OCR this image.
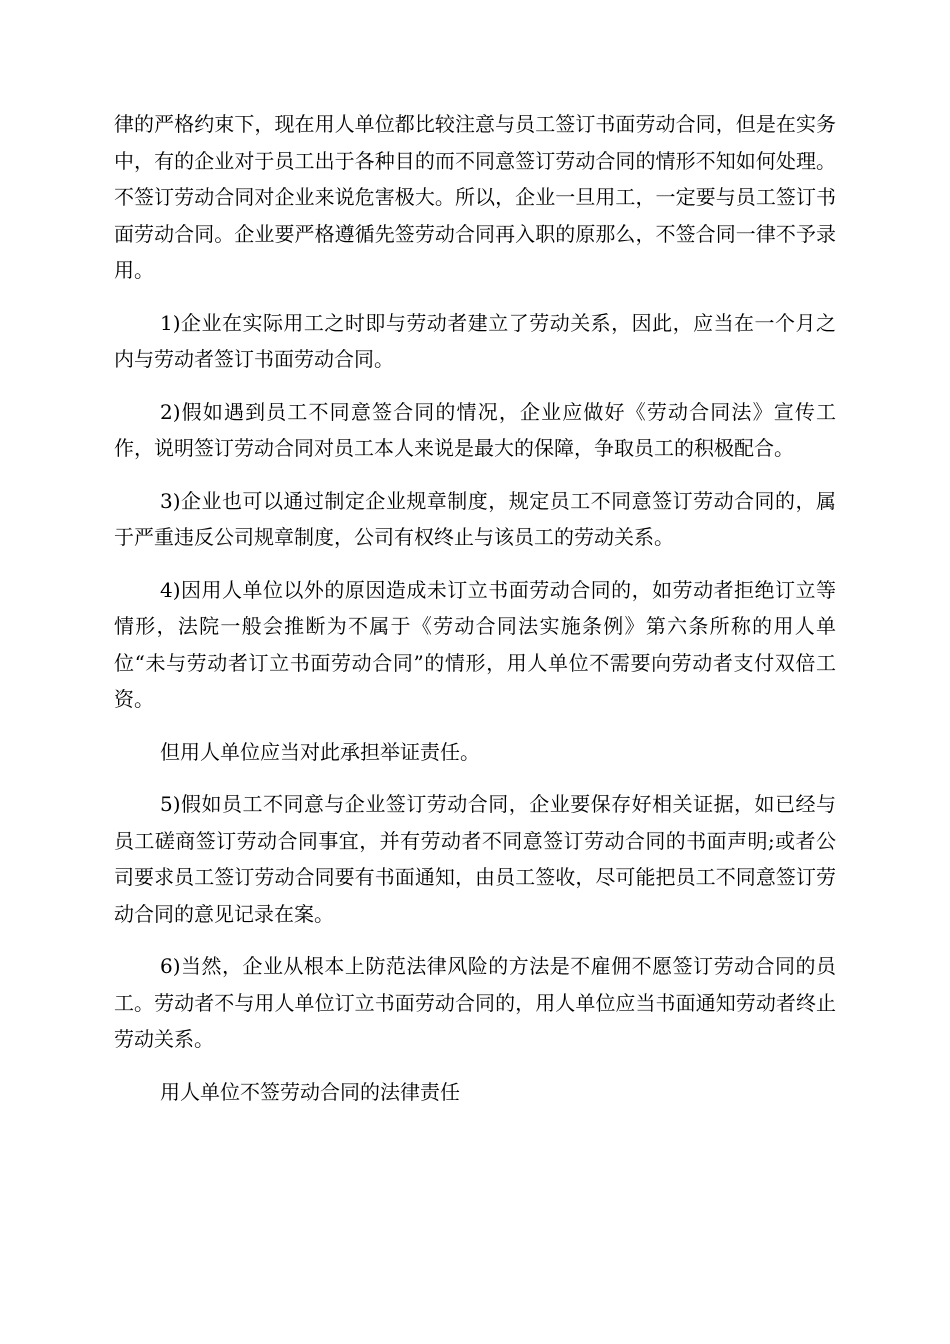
律的严格约束下，现在用人单位都比较注意与员工签订书面劳动合同，但是在实务中，有的企业对于员工出于各种目的而不同意签订劳动合同的情形不知如何处理。不签订劳动合同对企业来说危害极大。所以，企业一旦用工，一定要与员工签订书面劳动合同。企业要严格遵循先签劳动合同再入职的原那么，不签合同一律不予录用。

1)企业在实际用工之时即与劳动者建立了劳动关系，因此，应当在一个月之内与劳动者签订书面劳动合同。

2)假如遇到员工不同意签合同的情况，企业应做好《劳动合同法》宣传工作，说明签订劳动合同对员工本人来说是最大的保障，争取员工的积极配合。

3)企业也可以通过制定企业规章制度，规定员工不同意签订劳动合同的，属于严重违反公司规章制度，公司有权终止与该员工的劳动关系。

4)因用人单位以外的原因造成未订立书面劳动合同的，如劳动者拒绝订立等情形，法院一般会推断为不属于《劳动合同法实施条例》第六条所称的用人单位“未与劳动者订立书面劳动合同”的情形，用人单位不需要向劳动者支付双倍工资。

但用人单位应当对此承担举证责任。

5)假如员工不同意与企业签订劳动合同，企业要保存好相关证据，如已经与员工磋商签订劳动合同事宜，并有劳动者不同意签订劳动合同的书面声明;或者公司要求员工签订劳动合同要有书面通知，由员工签收，尽可能把员工不同意签订劳动合同的意见记录在案。

6)当然，企业从根本上防范法律风险的方法是不雇佣不愿签订劳动合同的员工。劳动者不与用人单位订立书面劳动合同的，用人单位应当书面通知劳动者终止劳动关系。

用人单位不签劳动合同的法律责任
